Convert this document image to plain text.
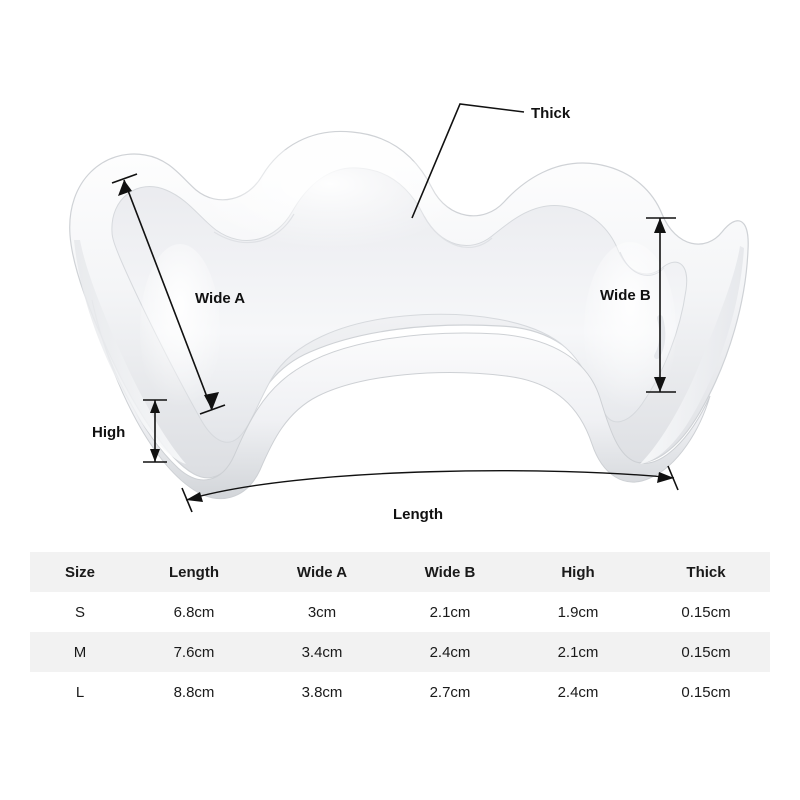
Thick
Wide A	Wide B
High
Length
Size	Length	Wide A	Wide B	High	Thick
S	6.8cm	3cm	2.1cm	1.9cm	0.15cm
M	7.6cm	3.4cm	2.4cm	2.1cm	0.15cm
L	8.8cm	3.8cm	2.7cm	2.4cm	0.15cm
